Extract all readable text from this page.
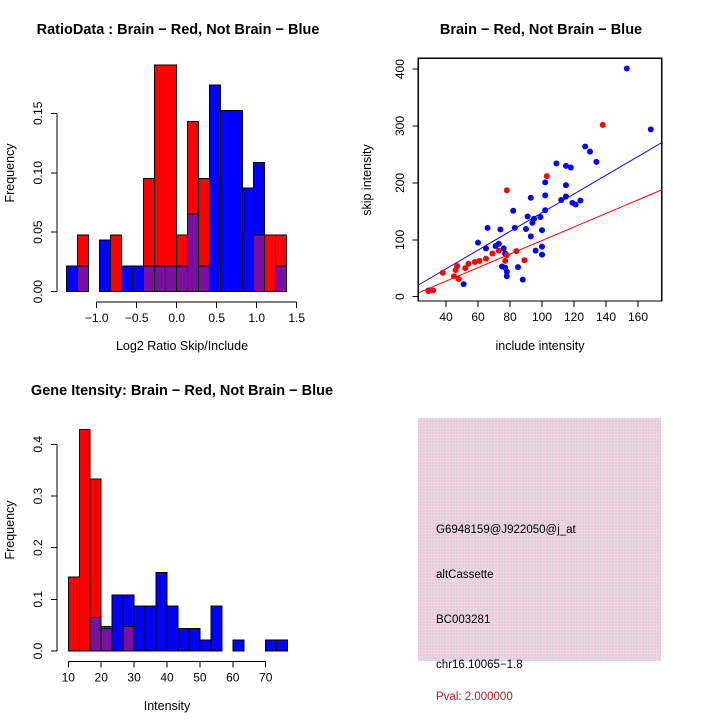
RatioData : Brain − Red, Not Brain − Blue
Log2 Ratio Skip/Include
Frequency
0.00
0.05
0.10
0.15
−1.0 −0.5 0.0 0.5 1.0 1.5
Brain − Red, Not Brain − Blue
include intensity
skip intensity
0
100
200
300
400
40 60 80 100 120 140 160
Gene Itensity: Brain − Red, Not Brain − Blue
Intensity
Frequency
0.0
0.1
0.2
0.3
0.4
10 20 30 40 50 60 70

G6948159@J922050@j_at

altCassette

BC003281

chr16.10065−1.8

Pval: 2.000000
